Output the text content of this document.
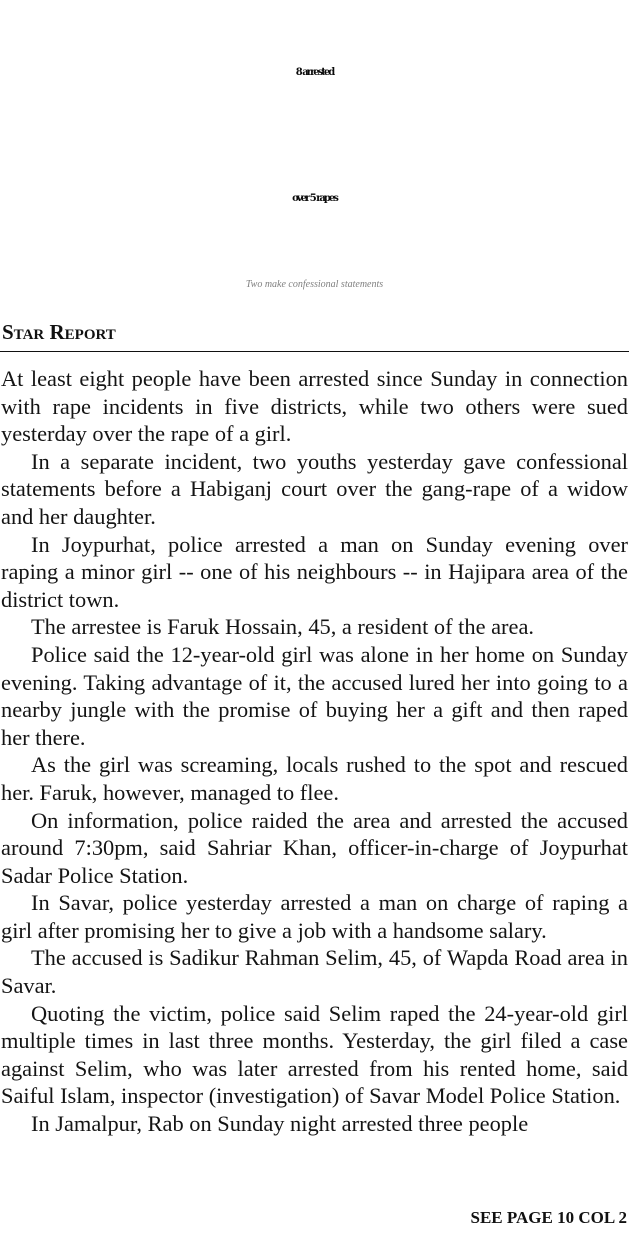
8 arrested
over 5 rapes
Two make confessional statements
Star Report

At least eight people have been arrested since Sunday in connection with rape incidents in five districts, while two others were sued yesterday over the rape of a girl.

In a separate incident, two youths yesterday gave confessional statements before a Habiganj court over the gang-rape of a widow and her daughter.

In Joypurhat, police arrested a man on Sunday evening over raping a minor girl -- one of his neighbours -- in Hajipara area of the district town.

The arrestee is Faruk Hossain, 45, a resident of the area.

Police said the 12-year-old girl was alone in her home on Sunday evening. Taking advantage of it, the accused lured her into going to a nearby jungle with the promise of buying her a gift and then raped her there.

As the girl was screaming, locals rushed to the spot and rescued her. Faruk, however, managed to flee.

On information, police raided the area and arrested the accused around 7:30pm, said Sahriar Khan, officer-in-charge of Joypurhat Sadar Police Station.

In Savar, police yesterday arrested a man on charge of raping a girl after promising her to give a job with a handsome salary.

The accused is Sadikur Rahman Selim, 45, of Wapda Road area in Savar.

Quoting the victim, police said Selim raped the 24-year-old girl multiple times in last three months. Yesterday, the girl filed a case against Selim, who was later arrested from his rented home, said Saiful Islam, inspector (investigation) of Savar Model Police Station.

In Jamalpur, Rab on Sunday night arrested three people

SEE PAGE 10 COL 2
